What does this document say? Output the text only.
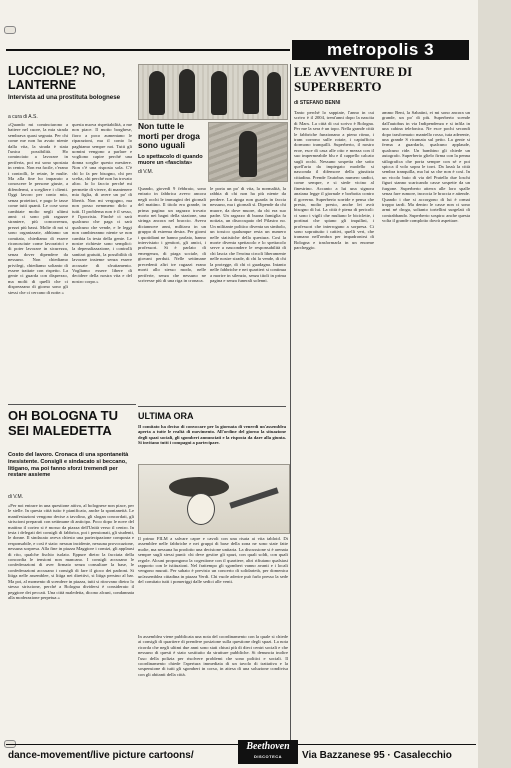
metropolis 3
LUCCIOLE? NO, LANTERNE
Intervista ad una prostituta bolognese
a cura di A.S.
«Quando mi cominciarono a battere nel cuore, la mia strada sembrava quasi segnata. Per chi come me non ha avuto niente dalla vita, la strada è stata l'unica possibilità. Ho cominciato a lavorare in periferia, poi mi sono spostata in centro. Non era facile, c'erano i controlli, le retate, le multe. Ma alla fine ho imparato a conoscere le persone giuste, a difendermi, a scegliere i clienti. Oggi lavoro per conto mio, senza protettori, e pago le tasse come tutti quanti. Le cose sono cambiate molto negli ultimi anni: ci sono più ragazze straniere, più concorrenza, prezzi più bassi. Molte di noi si sono organizzate, abbiamo un comitato, chiediamo di essere riconosciute come lavoratrici e di poter lavorare in sicurezza, senza dover dipendere da nessuno. Non chiediamo privilegi, chiediamo soltanto di essere trattate con rispetto. La gente ci guarda con disprezzo, ma molti di quelli che ci disprezzano di giorno sono gli stessi che ci cercano di notte.»
questa nuova rispettabilità, a me non piace. Il motto borghese, fioro a poco aumentano le riparazioni, ma il conto lo paghiamo sempre noi. Tutti gli uomini vengono a parlare e vogliono capire perché una donna sceglie questo mestiere. Non c'è una risposta sola. C'è chi lo fa per bisogno, chi per scelta, chi perché non ha trovato altro. Io lo faccio perché mi permette di vivere, di mantenere mia figlia, di avere un po' di libertà. Non mi vergogno, ma non posso nemmeno dirlo a tutti. Il problema non è il sesso, è l'ipocrisia. Finché ci sarà qualcuno che paga ci sarà qualcuno che vende, e le leggi non cambieranno niente se non cambia la testa della gente. Le nostre richieste sono semplici: la depenalizzazione, i controlli sanitari gratuiti, la possibilità di lavorare insieme senza essere accusate di sfruttamento. Vogliamo essere libere di decidere della nostra vita e del nostro corpo.»
Non tutte le morti per droga sono uguali
Lo spettacolo di quando muore un «fascista»
di V.M.
Quando, giovedì 9 febbraio, sono entrato in fabbrica avevo ancora negli occhi le immagini dei giornali del mattino. Il titolo era grande, in prima pagina: un ragazzo trovato morto nei bagni della stazione, una siringa ancora nel braccio. Aveva diciannove anni, militava in un gruppo di estrema destra. Per giorni i quotidiani ne hanno parlato, hanno intervistato i genitori, gli amici, i professori. Si è parlato di emergenza, di piaga sociale, di giovani perduti. Nelle settimane precedenti altri tre ragazzi erano morti allo stesso modo, nelle periferie, senza che nessuno ne scrivesse più di una riga in cronaca.
le porta un po' di vita, la normalità, la rabbia di chi non ha più niente da perdere. La droga non guarda in faccia nessuno, ma i giornali sì. Dipende da chi muore, da dove muore, da chi era suo padre. Un ragazzo di buona famiglia fa notizia, un disoccupato del Pilastro no. Un militante politico diventa un simbolo, un tossico qualunque resta un numero nelle statistiche della questura. Così la morte diventa spettacolo e lo spettacolo serve a nascondere le responsabilità di chi lascia che l'eroina circoli liberamente nelle nostre strade, di chi la vende, di chi la protegge, di chi ci guadagna. Intanto nelle fabbriche e nei quartieri si continua a morire in silenzio, senza titoli in prima pagina e senza funerali solenni.
ULTIMA ORA
Il comitato ha deciso di convocare per la giornata di venerdì un'assemblea aperta a tutte le realtà di movimento. All'ordine del giorno la situazione degli spazi sociali, gli sgomberi annunciati e la risposta da dare alla giunta. Si invitano tutti i compagni a partecipare.
OH BOLOGNA TU SEI MALEDETTA
Costo del lavoro. Cronaca di una spontaneità inesistente. Consigli e sindacato si beccano, litigano, ma poi fanno sforzi tremendi per restare assieme
di V.M.
«Per noi entrare in una questione attiva, al bolognese non piace, per le stelle. In questa città tutto è pianificato, anche la spontaneità. Le manifestazioni vengono decise a tavolino, gli slogan concordati, gli striscioni preparati con settimane di anticipo. Poco dopo le nove del mattino il corteo si è mosso da piazza dell'Unità verso il centro. In testa i delegati dei consigli di fabbrica, poi i pensionati, gli studenti, le donne. Il sindacato aveva chiesto una partecipazione composta e responsabile, e così è stato: nessun incidente, nessuna provocazione, nessuna sorpresa. Alla fine in piazza Maggiore i comizi, gli applausi di rito, qualche fischio isolato. Eppure dietro la facciata della concordia le tensioni non mancano. I consigli accusano le confederazioni di aver firmato senza consultare la base, le confederazioni accusano i consigli di fare il gioco dei padroni. Si litiga nelle assemblee, si litiga nei direttivi, si litiga persino al bar. Ma poi, al momento di scendere in piazza, tutti si ritrovano dietro lo stesso striscione, perché a Bologna dividersi è considerato il peggiore dei peccati. Una città maledetta, dicono alcuni, condannata alla moderazione perpetua.»
Il primo FILM a salvare capre e cavoli con una risata ai vita tabloid. Di assemblee nelle fabbriche e nei gruppi di base della zona ne sono state fatte molte, ma nessuna ha prodotto una decisione unitaria. La discussione si è arenata sempre sugli stessi punti: chi deve gestire gli spazi, con quali soldi, con quali regole. Alcuni propongono la cogestione con il quartiere, altri rifiutano qualsiasi rapporto con le istituzioni. Nel frattempo gli sgomberi vanno avanti e i locali vengono murati. Per sabato è previsto un concerto di solidarietà, per domenica un'assemblea cittadina in piazza Verdi. Chi vuole aderire può farlo presso la sede del comitato tutti i pomeriggi dalle sedici alle venti.
In assemblea viene pubblicata una nota del coordinamento con la quale si chiede ai consigli di quartiere di prendere posizione sulla questione degli spazi. La nota ricorda che negli ultimi due anni sono stati chiusi più di dieci centri sociali e che nessuno di questi è stato sostituito da strutture pubbliche. Si denuncia inoltre l'uso della polizia per risolvere problemi che sono politici e sociali. Il coordinamento chiede l'apertura immediata di un tavolo di trattativa e la sospensione di tutti gli sgomberi in corso, in attesa di una soluzione condivisa con gli abitanti della città.
LE AVVENTURE DI SUPERBERTO
di STEFANO BENNI
Tanto perché lo sappiate, l'anno in cui scrivo è il 2004, trent'anni dopo la nascita di Marx. La città di cui scrivo è Bologna. Per me la sera è un topo. Nella grande città le fabbriche funzionano a pieno ritmo, i tram corrono sulle rotaie, i capiufficio dormono tranquilli. Superberto, il nostro eroe, esce di casa alle otto e mezza con il suo impermeabile blu e il cappello calcato sugli occhi. Nessuno sospetta che sotto quell'aria da impiegato modello si nasconda il difensore della giustizia cittadina. Prende l'autobus numero undici, come sempre, e si siede vicino al finestrino. Accanto a lui una signora anziana legge il giornale e borbotta contro il governo. Superberto sorride e pensa che presto, molto presto, anche lei avrà bisogno di lui. La città è piena di pericoli: ci sono i vigili che multano le biciclette, i portinai che spiano gli inquilini, i professori che interrogano a sorpresa. Ci sono soprattutto i cattivi, quelli veri, che tramano nell'ombra per impadronirsi di Bologna e trasformarla in un enorme parcheggio.
ammo Beni, la Sabatini, ei mi sono ancora un grande, un po' di più. Superberto scende dall'autobus in via Indipendenza e si infila in una cabina telefonica. Ne esce pochi secondi dopo trasformato: mantello rosso, tuta aderente, una grande S ricamata sul petto. La gente si ferma a guardarlo, qualcuno applaude, qualcuno ride. Un bambino gli chiede un autografo. Superberto glielo firma con la penna stilografica che porta sempre con sé e poi spicca il volo sopra le torri. Da lassù la città sembra tranquilla, ma lui sa che non è così. In un vicolo buio di via del Pratello due loschi figuri stanno scaricando casse sospette da un furgone. Superberto atterra alle loro spalle senza fare rumore, incrocia le braccia e attende. Quando i due si accorgono di lui è ormai troppo tardi. Ma dentro le casse non ci sono armi né droga, soltanto tortellini surgelati di contrabbando. Superberto sospira: anche questa volta il grande complotto dovrà aspettare.
dance-movement/live picture cartoons/
Beethoven
DISCOTECA	Via Bazzanese 95 · Casalecchio
